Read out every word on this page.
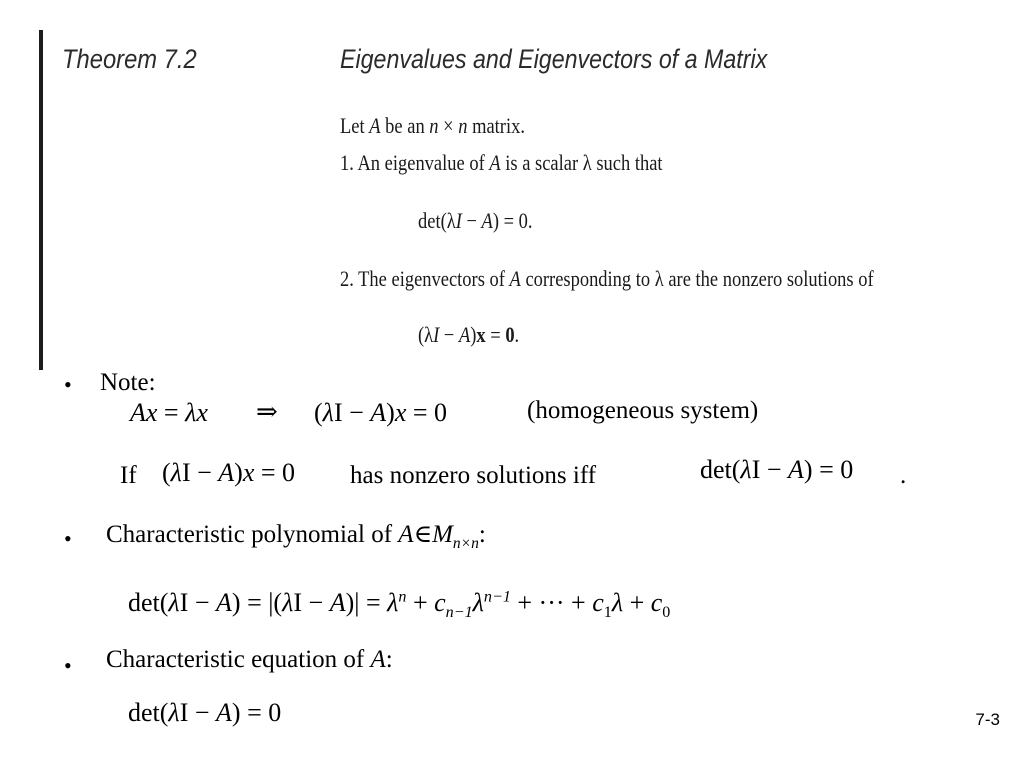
Theorem 7.2	Eigenvalues and Eigenvectors of a Matrix
Let A be an n × n matrix.
1. An eigenvalue of A is a scalar λ such that
det(λI − A) = 0.
2. The eigenvectors of A corresponding to λ are the nonzero solutions of
(λI − A)x = 0.
• Note:
Ax = λx ⇒ (λI − A)x = 0	(homogeneous system)
If (λI − A)x = 0 has nonzero solutions iff	det(λI − A) = 0 .
• Characteristic polynomial of $A\in M_{n\times n}$:
$\det(\lambda I - A) = |(\lambda I - A)| = \lambda^n + c_{n-1}\lambda^{n-1}$ + ··· + $c_1\lambda + c_0$
• Characteristic equation of A:
det(λI − A) = 0	7-3
